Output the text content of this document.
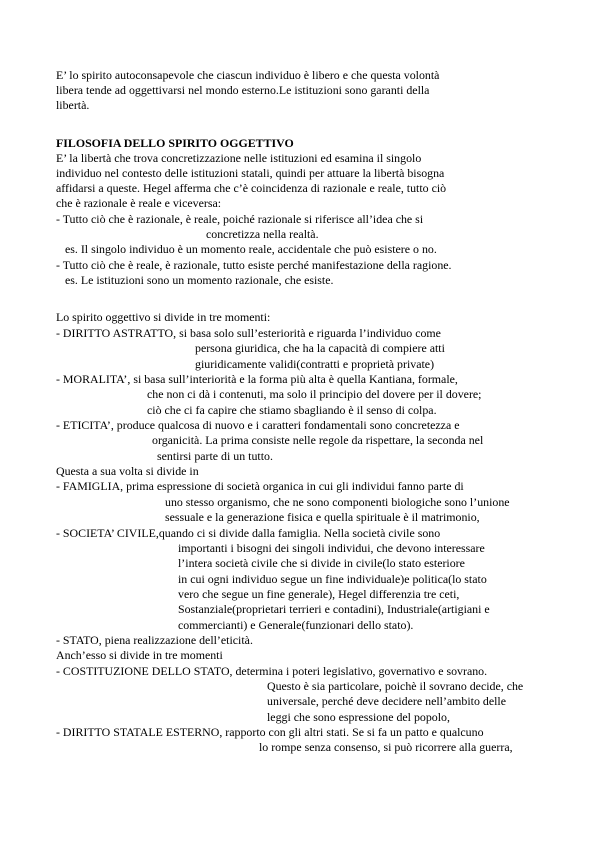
E’ lo spirito autoconsapevole che ciascun individuo è libero e che questa volontà
libera tende ad oggettivarsi nel mondo esterno.Le istituzioni sono garanti della
libertà.
FILOSOFIA DELLO SPIRITO OGGETTIVO
E’ la libertà che trova concretizzazione nelle istituzioni ed esamina il singolo
individuo nel contesto delle istituzioni statali, quindi per attuare la libertà bisogna
affidarsi a queste. Hegel afferma che c’è coincidenza di razionale e reale, tutto ciò
che è razionale è reale e viceversa:
- Tutto ciò che è razionale, è reale, poiché razionale si riferisce all’idea che si
concretizza nella realtà.
es. Il singolo individuo è un momento reale, accidentale che può esistere o no.
- Tutto ciò che è reale, è razionale, tutto esiste perché manifestazione della ragione.
es. Le istituzioni sono un momento razionale, che esiste.
Lo spirito oggettivo si divide in tre momenti:
- DIRITTO ASTRATTO, si basa solo sull’esteriorità e riguarda l’individuo come
persona giuridica, che ha la capacità di compiere atti
giuridicamente validi(contratti e proprietà private)
- MORALITA’, si basa sull’interiorità e la forma più alta è quella Kantiana, formale,
che non ci dà i contenuti, ma solo il principio del dovere per il dovere;
ciò che ci fa capire che stiamo sbagliando è il senso di colpa.
- ETICITA’, produce qualcosa di nuovo e i caratteri fondamentali sono concretezza e
organicità. La prima consiste nelle regole da rispettare, la seconda nel
sentirsi parte di un tutto.
Questa a sua volta si divide in
- FAMIGLIA, prima espressione di società organica in cui gli individui fanno parte di
uno stesso organismo, che ne sono componenti biologiche sono l’unione
sessuale e la generazione fisica e quella spirituale è il matrimonio,
- SOCIETA’ CIVILE,quando ci si divide dalla famiglia. Nella società civile sono
importanti i bisogni dei singoli individui, che devono interessare
l’intera società civile che si divide in civile(lo stato esteriore
in cui ogni individuo segue un fine individuale)e politica(lo stato
vero che segue un fine generale), Hegel differenzia tre ceti,
Sostanziale(proprietari terrieri e contadini), Industriale(artigiani e
commercianti) e Generale(funzionari dello stato).
- STATO, piena realizzazione dell’eticità.
Anch’esso si divide in tre momenti
- COSTITUZIONE DELLO STATO, determina i poteri legislativo, governativo e sovrano.
Questo è sia particolare, poichè il sovrano decide, che
universale, perché deve decidere nell’ambito delle
leggi che sono espressione del popolo,
- DIRITTO STATALE ESTERNO, rapporto con gli altri stati. Se si fa un patto e qualcuno
lo rompe senza consenso, si può ricorrere alla guerra,
